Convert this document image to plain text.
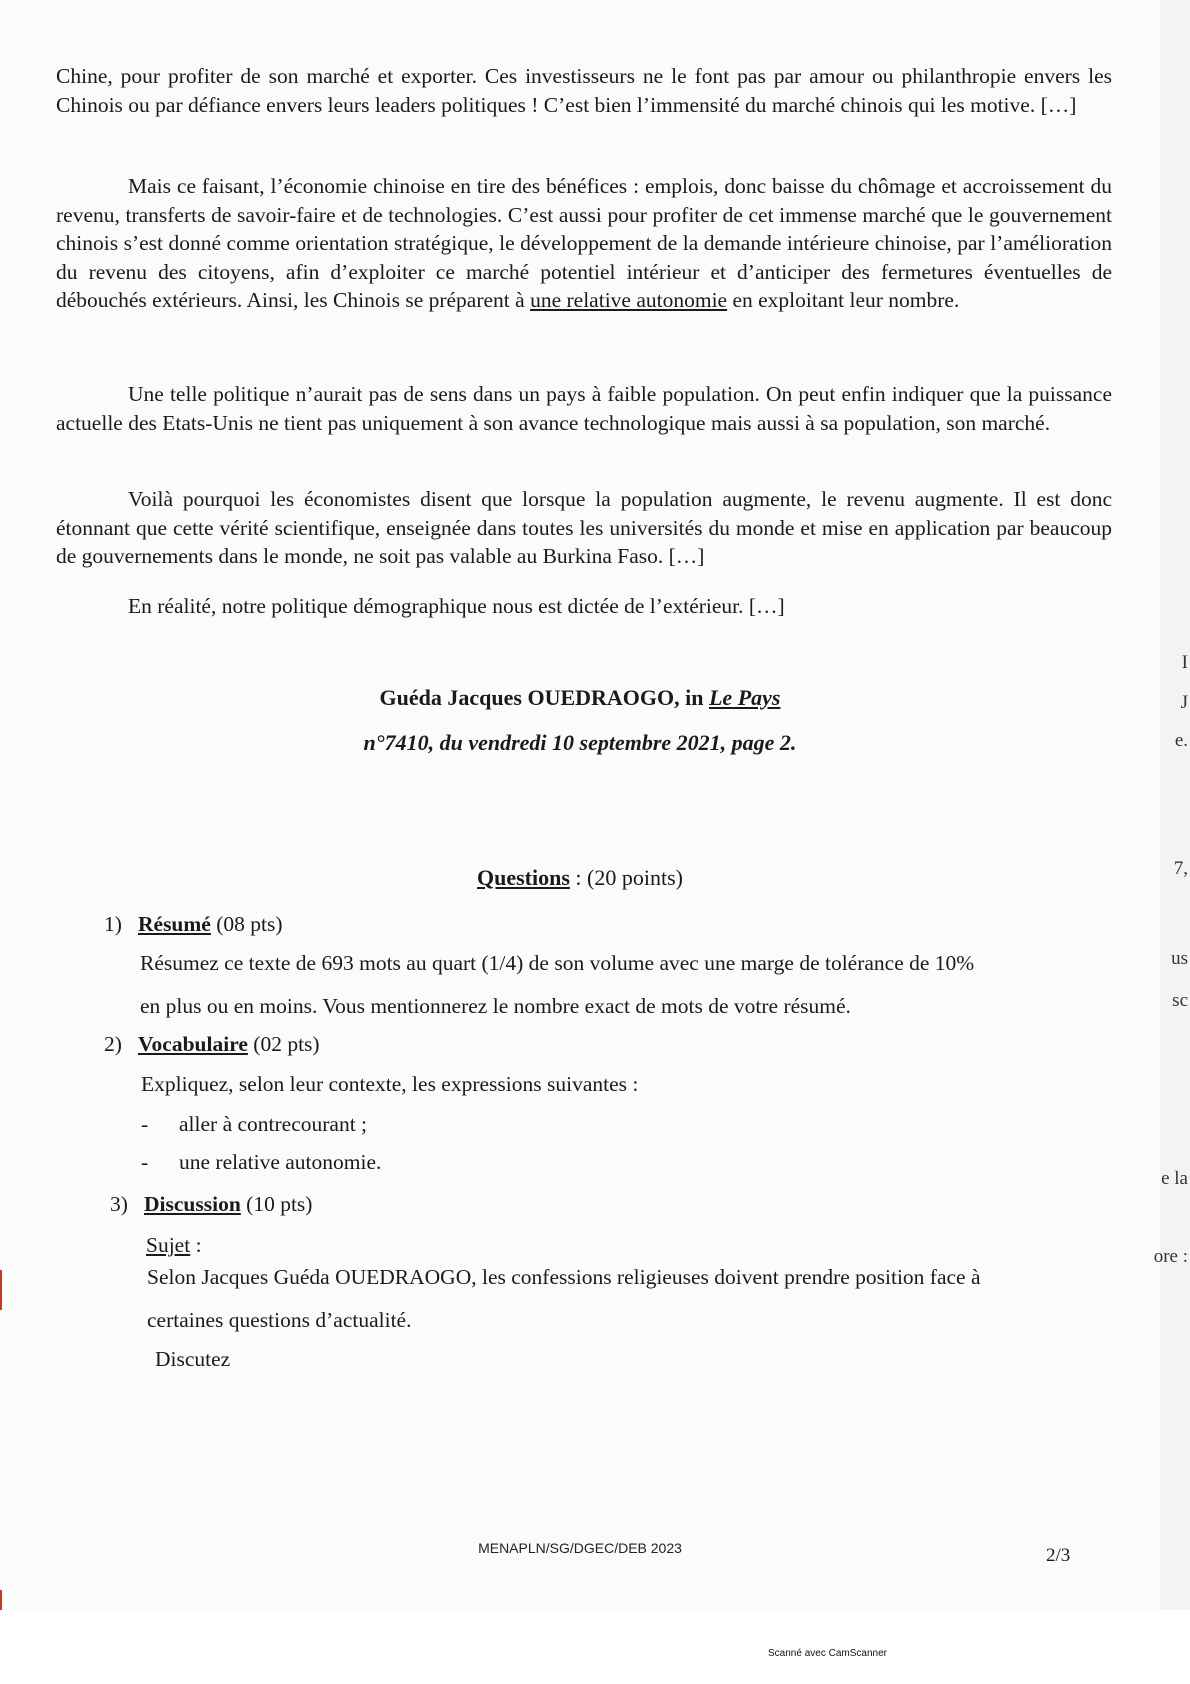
Chine, pour profiter de son marché et exporter. Ces investisseurs ne le font pas par amour ou philanthropie envers les Chinois ou par défiance envers leurs leaders politiques ! C’est bien l’immensité du marché chinois qui les motive. […]

Mais ce faisant, l’économie chinoise en tire des bénéfices : emplois, donc baisse du chômage et accroissement du revenu, transferts de savoir-faire et de technologies. C’est aussi pour profiter de cet immense marché que le gouvernement chinois s’est donné comme orientation stratégique, le développement de la demande intérieure chinoise, par l’amélioration du revenu des citoyens, afin d’exploiter ce marché potentiel intérieur et d’anticiper des fermetures éventuelles de débouchés extérieurs. Ainsi, les Chinois se préparent à une relative autonomie en exploitant leur nombre.

Une telle politique n’aurait pas de sens dans un pays à faible population. On peut enfin indiquer que la puissance actuelle des Etats-Unis ne tient pas uniquement à son avance technologique mais aussi à sa population, son marché.

Voilà pourquoi les économistes disent que lorsque la population augmente, le revenu augmente. Il est donc étonnant que cette vérité scientifique, enseignée dans toutes les universités du monde et mise en application par beaucoup de gouvernements dans le monde, ne soit pas valable au Burkina Faso. […]

En réalité, notre politique démographique nous est dictée de l’extérieur. […]

Guéda Jacques OUEDRAOGO, in Le Pays

n°7410, du vendredi 10 septembre 2021, page 2.

Questions : (20 points)

1) Résumé (08 pts)

Résumez ce texte de 693 mots au quart (1/4) de son volume avec une marge de tolérance de 10%
en plus ou en moins. Vous mentionnerez le nombre exact de mots de votre résumé.

2) Vocabulaire (02 pts)

Expliquez, selon leur contexte, les expressions suivantes :

- aller à contrecourant ;

- une relative autonomie.

3) Discussion (10 pts)

Sujet :

Selon Jacques Guéda OUEDRAOGO, les confessions religieuses doivent prendre position face à
certaines questions d’actualité.

Discutez

MENAPLN/SG/DGEC/DEB 2023	2/3

I
J
e.
7,
us
sc
e la
ore :

Scanné avec CamScanner
